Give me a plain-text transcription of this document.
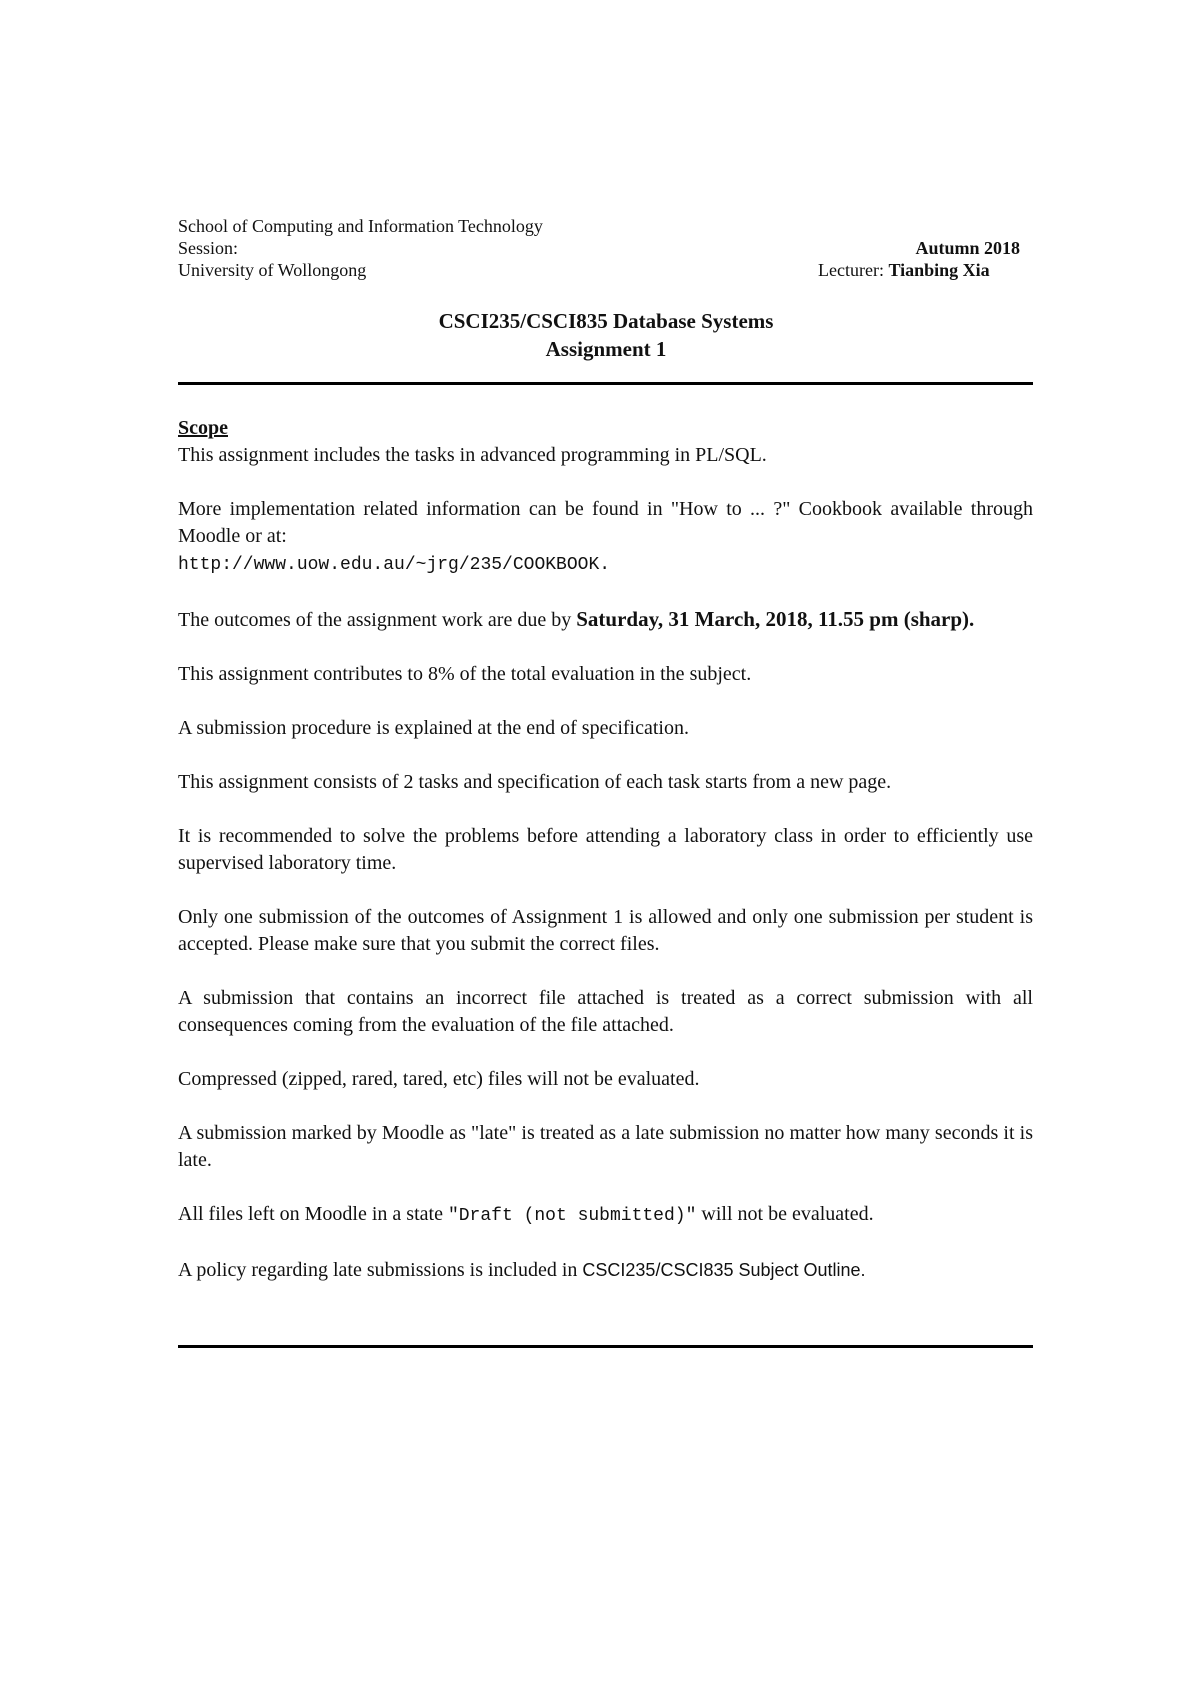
School of Computing and Information Technology
Session:	Autumn 2018
University of Wollongong	Lecturer: Tianbing Xia
CSCI235/CSCI835 Database Systems
Assignment 1

Scope

This assignment includes the tasks in advanced programming in PL/SQL.
More implementation related information can be found in "How to ... ?" Cookbook available through Moodle or at:
http://www.uow.edu.au/~jrg/235/COOKBOOK.
The outcomes of the assignment work are due by Saturday, 31 March, 2018, 11.55 pm (sharp).

This assignment contributes to 8% of the total evaluation in the subject.

A submission procedure is explained at the end of specification.

This assignment consists of 2 tasks and specification of each task starts from a new page.

It is recommended to solve the problems before attending a laboratory class in order to efficiently use supervised laboratory time.

Only one submission of the outcomes of Assignment 1 is allowed and only one submission per student is accepted. Please make sure that you submit the correct files.

A submission that contains an incorrect file attached is treated as a correct submission with all consequences coming from the evaluation of the file attached.

Compressed (zipped, rared, tared, etc) files will not be evaluated.

A submission marked by Moodle as "late" is treated as a late submission no matter how many seconds it is late.

All files left on Moodle in a state "Draft (not submitted)" will not be evaluated.
A policy regarding late submissions is included in CSCI235/CSCI835 Subject Outline.
